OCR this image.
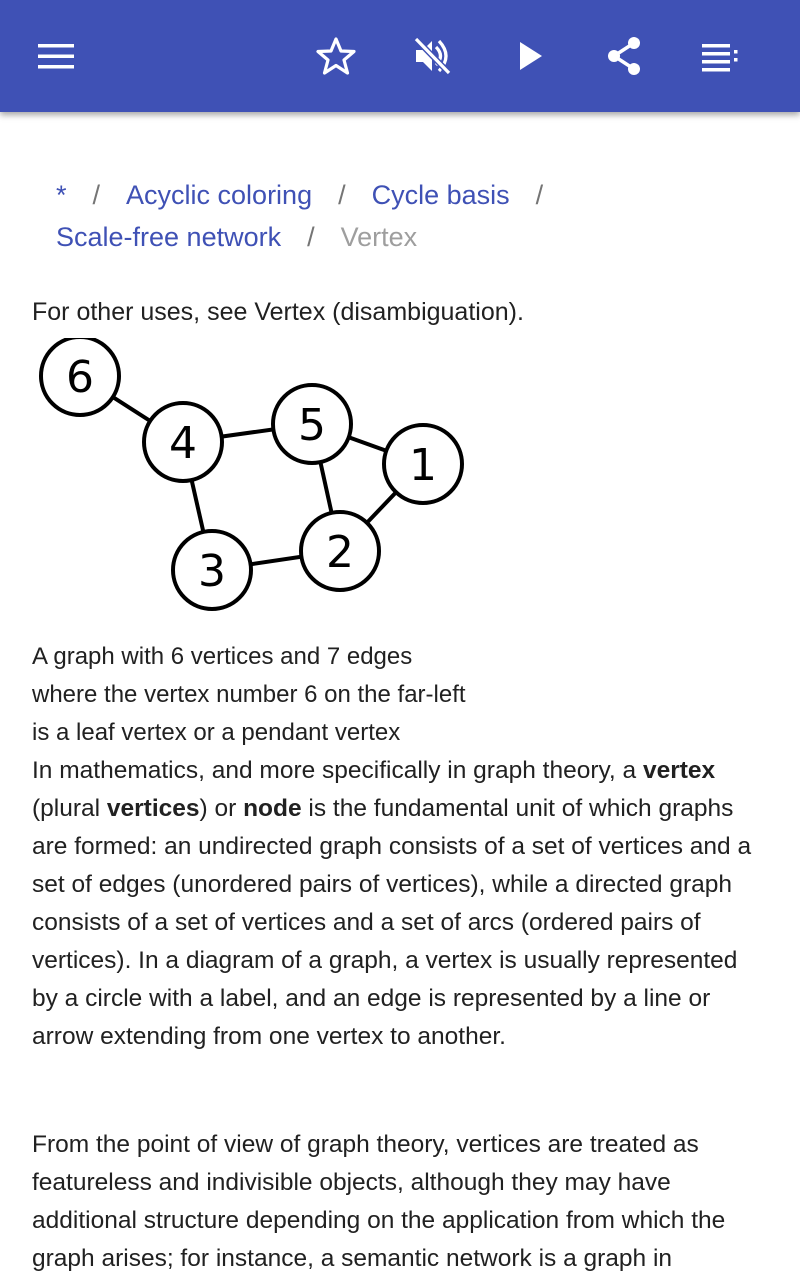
* / Acyclic coloring / Cycle basis /
Scale-free network / Vertex
For other uses, see Vertex (disambiguation).
6
4 5
1
2
3
A graph with 6 vertices and 7 edges where the vertex number 6 on the far-left is a leaf vertex or a pendant vertex

In mathematics, and more specifically in graph theory, a vertex (plural vertices) or node is the fundamental unit of which graphs are formed: an undirected graph consists of a set of vertices and a set of edges (unordered pairs of vertices), while a directed graph consists of a set of vertices and a set of arcs (ordered pairs of vertices). In a diagram of a graph, a vertex is usually represented by a circle with a label, and an edge is represented by a line or arrow extending from one vertex to another.

From the point of view of graph theory, vertices are treated as featureless and indivisible objects, although they may have additional structure depending on the application from which the graph arises; for instance, a semantic network is a graph in
